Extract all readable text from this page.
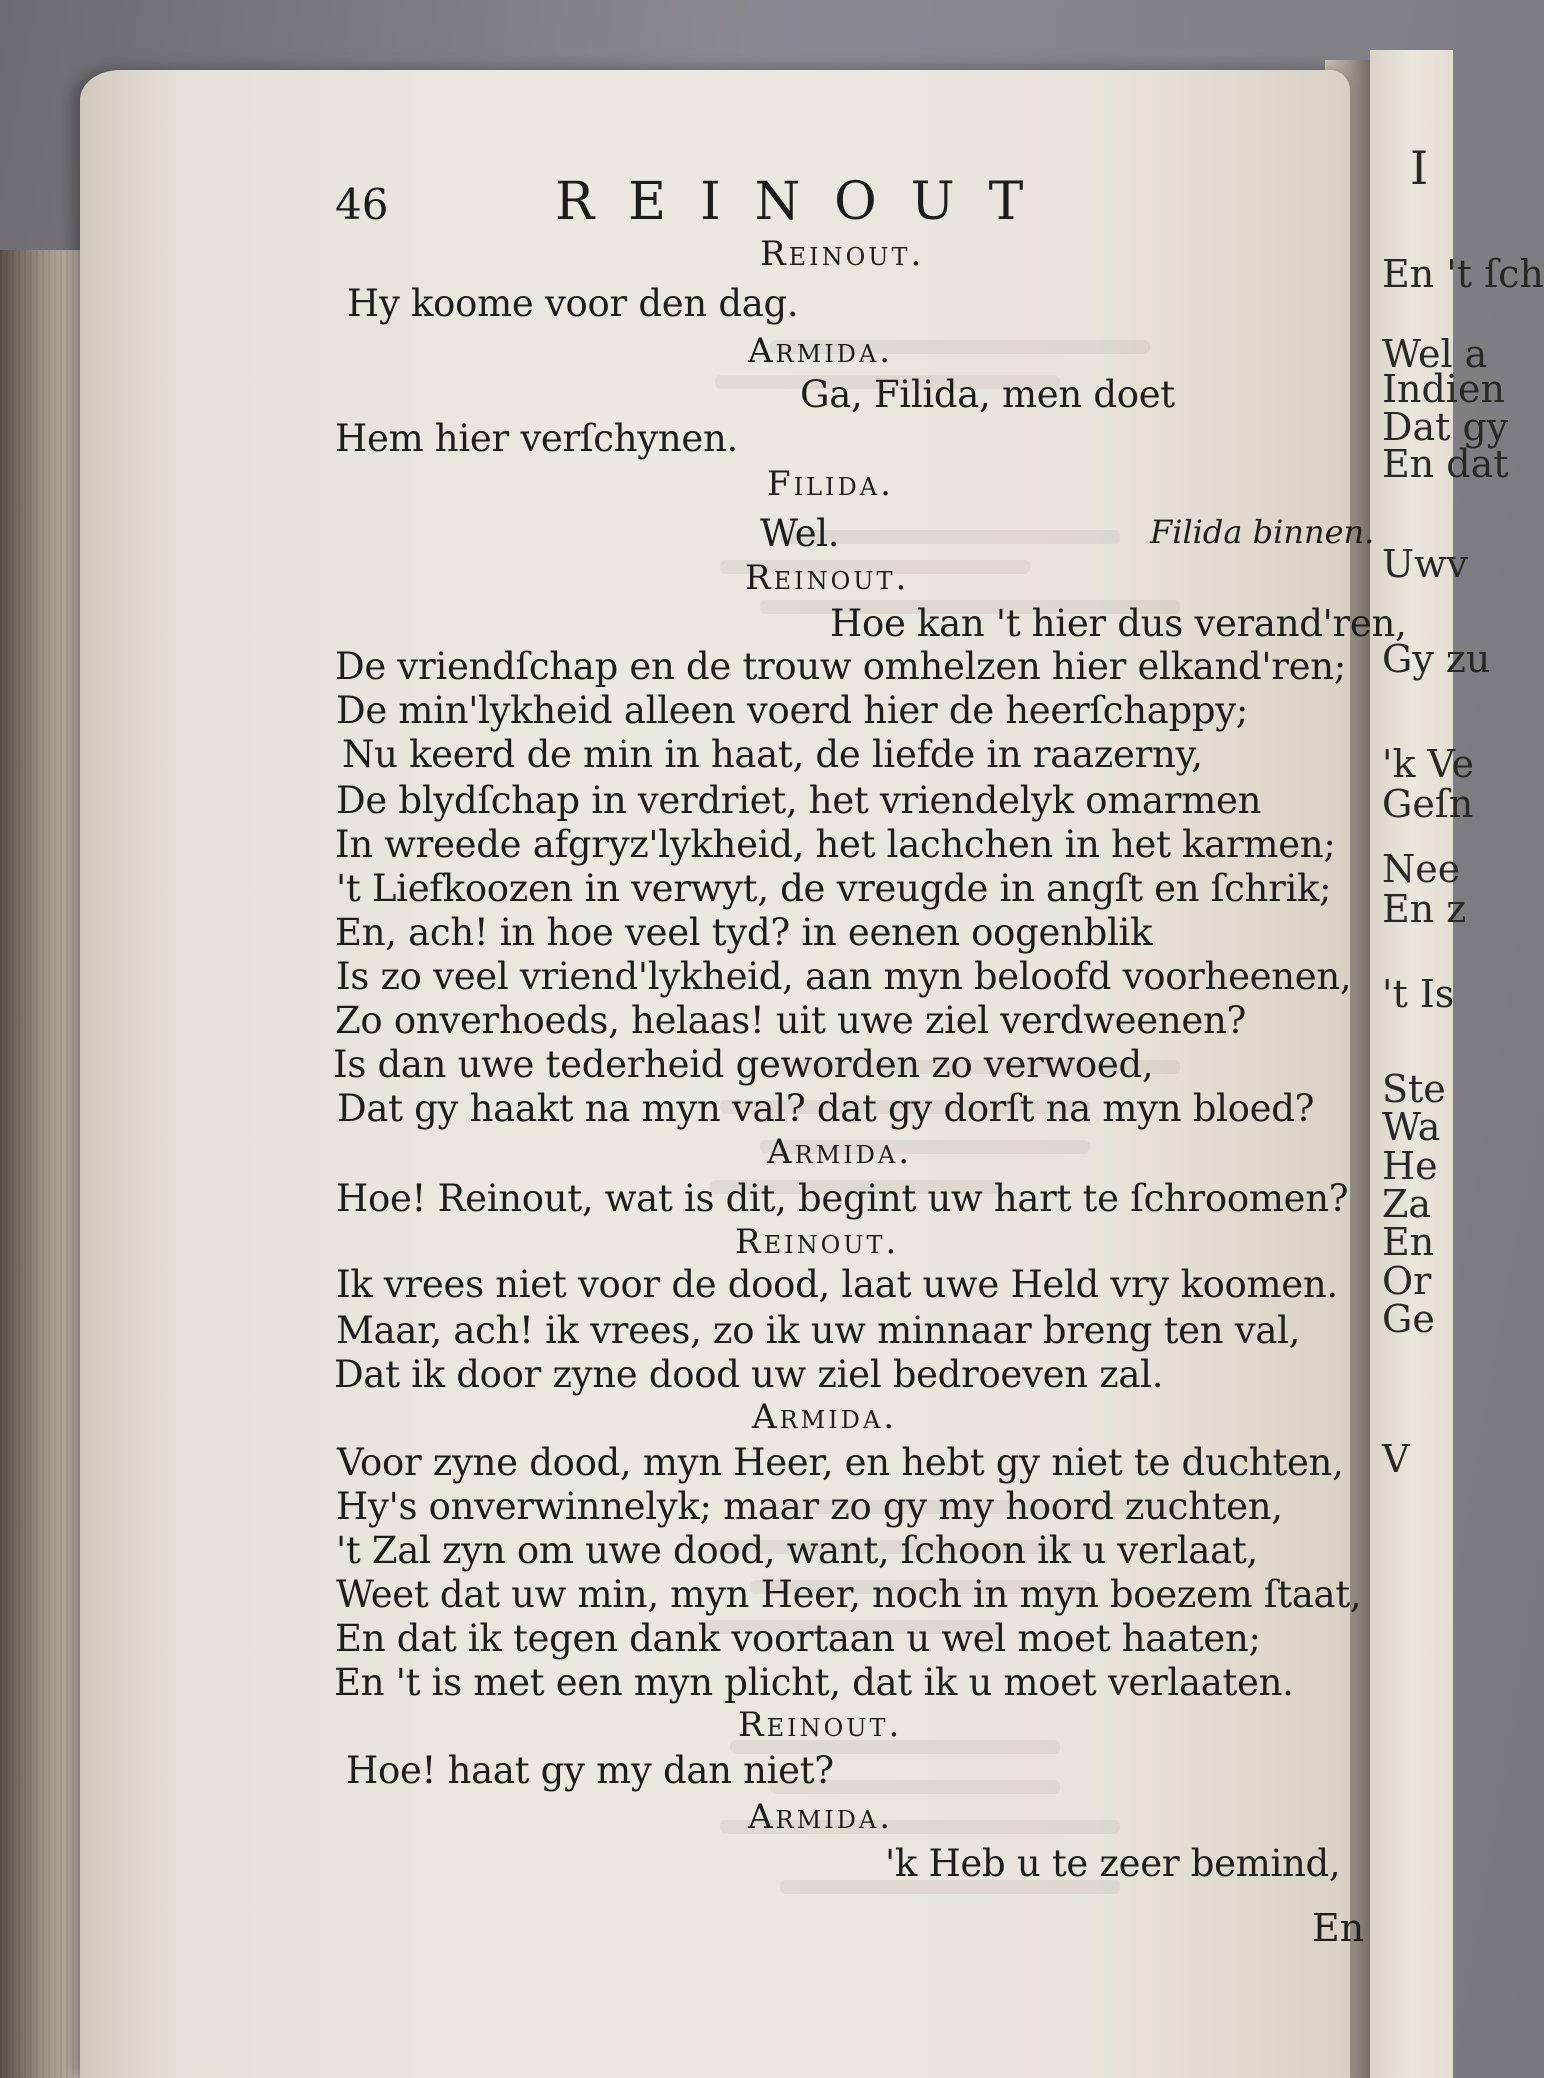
I
En 't ſch
Wel a
Indien
Dat gy
En dat
Uwv
Gy zu
'k Ve
Geſn
Nee
En z
't Is
Ste
Wa
He
Za
En
Or
Ge
V
46	REINOUT
Reinout.
Hy koome voor den dag.
Armida.
Ga, Filida, men doet
Hem hier verſchynen.
Filida.
Wel.
Reinout.
Hoe kan 't hier dus verand'ren,
De vriendſchap en de trouw omhelzen hier elkand'ren;
De min'lykheid alleen voerd hier de heerſchappy;
Nu keerd de min in haat, de liefde in raazerny,
De blydſchap in verdriet, het vriendelyk omarmen
In wreede afgryz'lykheid, het lachchen in het karmen;
't Liefkoozen in verwyt, de vreugde in angſt en ſchrik;
En, ach! in hoe veel tyd? in eenen oogenblik
Is zo veel vriend'lykheid, aan myn beloofd voorheenen,
Zo onverhoeds, helaas! uit uwe ziel verdweenen?
Is dan uwe tederheid geworden zo verwoed,
Dat gy haakt na myn val? dat gy dorſt na myn bloed?
Armida.
Hoe! Reinout, wat is dit, begint uw hart te ſchroomen?
Reinout.
Ik vrees niet voor de dood, laat uwe Held vry koomen.
Maar, ach! ik vrees, zo ik uw minnaar breng ten val,
Dat ik door zyne dood uw ziel bedroeven zal.
Armida.
Voor zyne dood, myn Heer, en hebt gy niet te duchten,
Hy's onverwinnelyk; maar zo gy my hoord zuchten,
't Zal zyn om uwe dood, want, ſchoon ik u verlaat,
Weet dat uw min, myn Heer, noch in myn boezem ſtaat,
En dat ik tegen dank voortaan u wel moet haaten;
En 't is met een myn plicht, dat ik u moet verlaaten.
Reinout.
Hoe! haat gy my dan niet?
Armida.
'k Heb u te zeer bemind,
Filida binnen.
En
